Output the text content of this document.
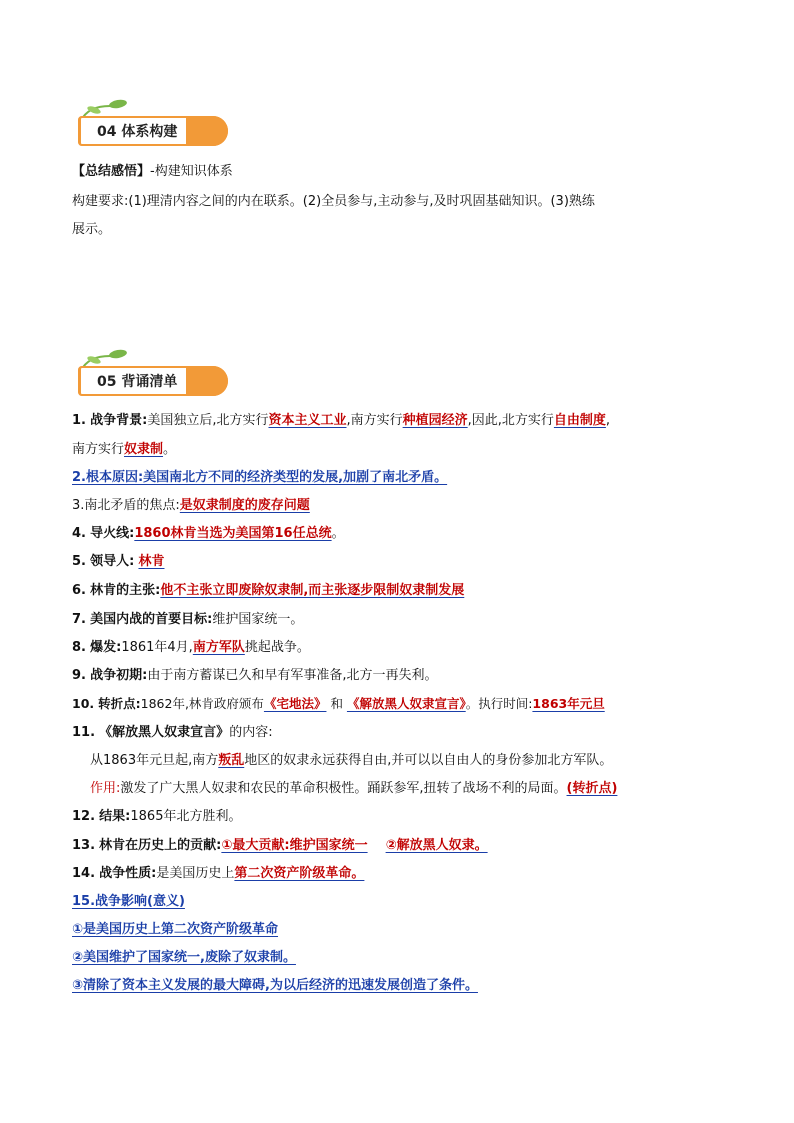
04 体系构建
【总结感悟】-构建知识体系
构建要求:(1)理清内容之间的内在联系。(2)全员参与,主动参与,及时巩固基础知识。(3)熟练
展示。
05 背诵清单
1. 战争背景:美国独立后,北方实行资本主义工业,南方实行种植园经济,因此,北方实行自由制度,
南方实行奴隶制。
2.根本原因:美国南北方不同的经济类型的发展,加剧了南北矛盾。
3.南北矛盾的焦点:是奴隶制度的废存问题
4. 导火线:1860林肯当选为美国第16任总统。
5. 领导人: 林肯
6. 林肯的主张:他不主张立即废除奴隶制,而主张逐步限制奴隶制发展
7. 美国内战的首要目标:维护国家统一。
8. 爆发:1861年4月,南方军队挑起战争。
9. 战争初期:由于南方蓄谋已久和早有军事准备,北方一再失利。
10. 转折点:1862年,林肯政府颁布《宅地法》 和 《解放黑人奴隶宣言》。执行时间:1863年元旦
11. 《解放黑人奴隶宣言》的内容:
从1863年元旦起,南方叛乱地区的奴隶永远获得自由,并可以以自由人的身份参加北方军队。
作用:激发了广大黑人奴隶和农民的革命积极性。踊跃参军,扭转了战场不利的局面。(转折点)
12. 结果:1865年北方胜利。
13. 林肯在历史上的贡献:①最大贡献:维护国家统一 ②解放黑人奴隶。
14. 战争性质:是美国历史上第二次资产阶级革命。
15.战争影响(意义)
①是美国历史上第二次资产阶级革命
②美国维护了国家统一,废除了奴隶制。
③清除了资本主义发展的最大障碍,为以后经济的迅速发展创造了条件。
